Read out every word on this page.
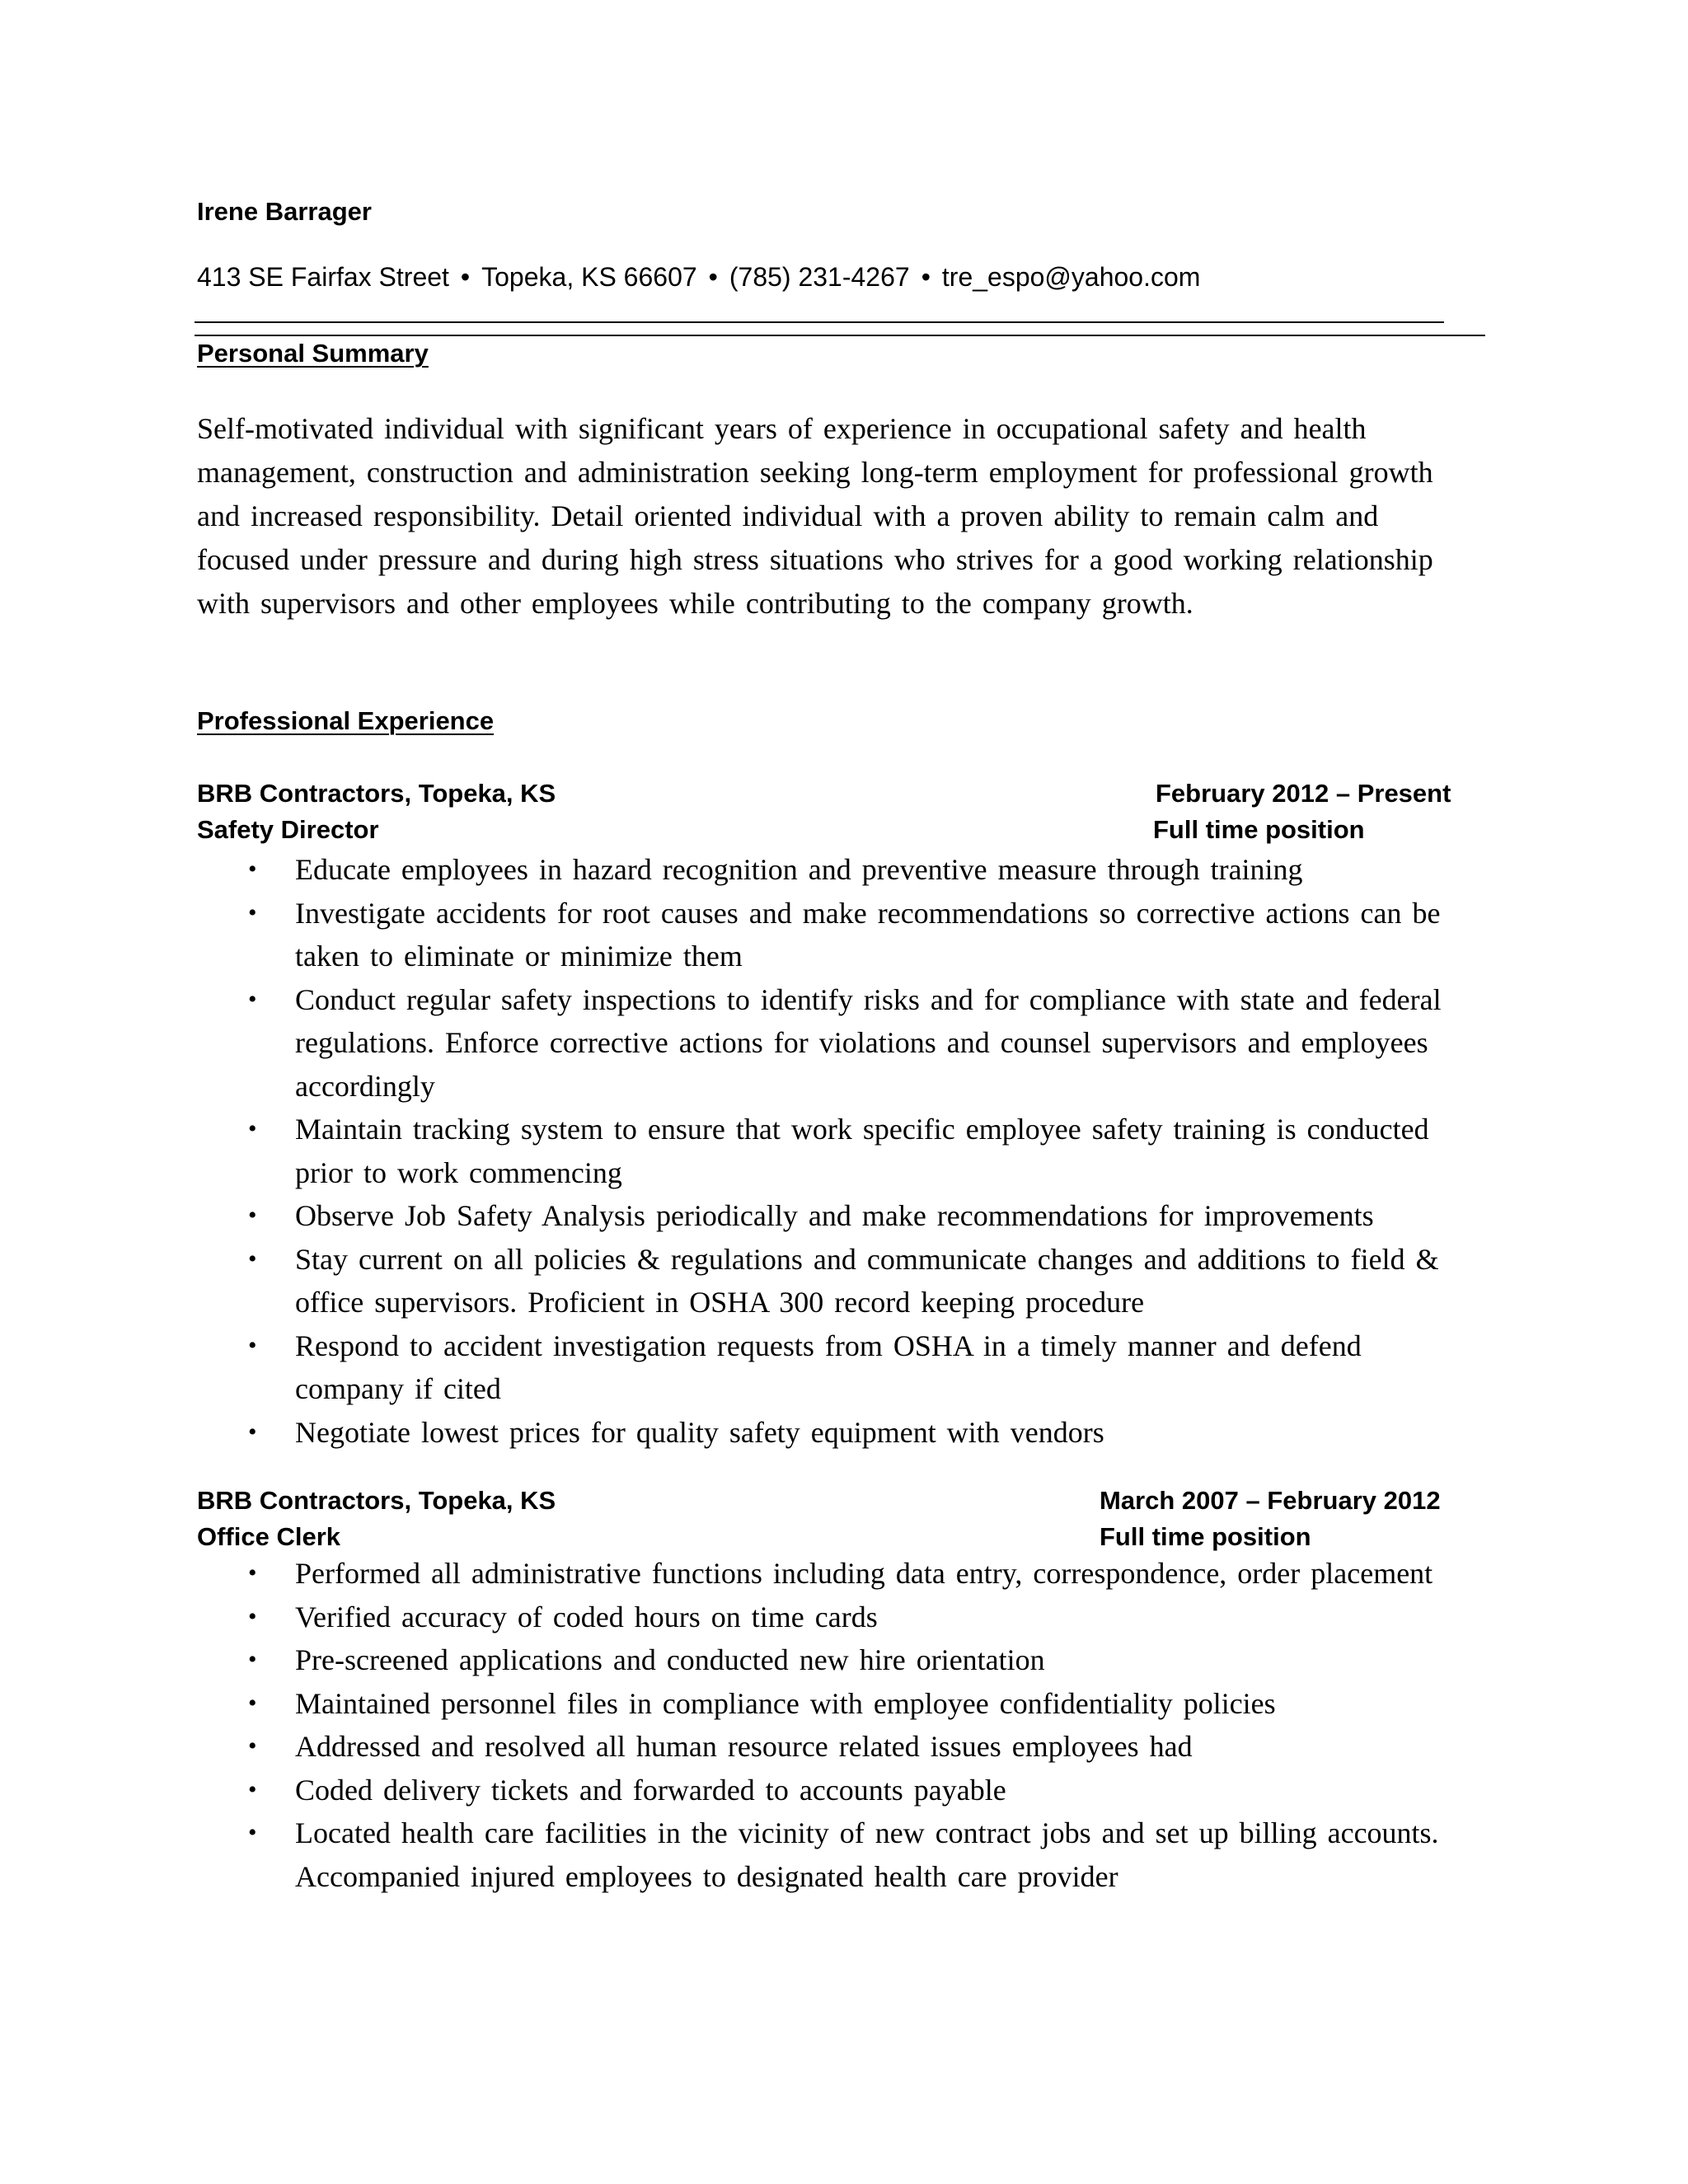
Irene Barrager
413 SE Fairfax Street • Topeka, KS 66607 • (785) 231-4267 • tre_espo@yahoo.com
Personal Summary
Self-motivated individual with significant years of experience in occupational safety and health management, construction and administration seeking long-term employment for professional growth and increased responsibility. Detail oriented individual with a proven ability to remain calm and focused under pressure and during high stress situations who strives for a good working relationship with supervisors and other employees while contributing to the company growth.
Professional Experience
BRB Contractors, Topeka, KS	February 2012 – Present
Safety Director	Full time position
• Educate employees in hazard recognition and preventive measure through training
• Investigate accidents for root causes and make recommendations so corrective actions can be taken to eliminate or minimize them
• Conduct regular safety inspections to identify risks and for compliance with state and federal regulations. Enforce corrective actions for violations and counsel supervisors and employees accordingly
• Maintain tracking system to ensure that work specific employee safety training is conducted prior to work commencing
• Observe Job Safety Analysis periodically and make recommendations for improvements
• Stay current on all policies & regulations and communicate changes and additions to field & office supervisors. Proficient in OSHA 300 record keeping procedure
• Respond to accident investigation requests from OSHA in a timely manner and defend company if cited
• Negotiate lowest prices for quality safety equipment with vendors
BRB Contractors, Topeka, KS	March 2007 – February 2012
Office Clerk	Full time position
• Performed all administrative functions including data entry, correspondence, order placement
• Verified accuracy of coded hours on time cards
• Pre-screened applications and conducted new hire orientation
• Maintained personnel files in compliance with employee confidentiality policies
• Addressed and resolved all human resource related issues employees had
• Coded delivery tickets and forwarded to accounts payable
• Located health care facilities in the vicinity of new contract jobs and set up billing accounts. Accompanied injured employees to designated health care provider
